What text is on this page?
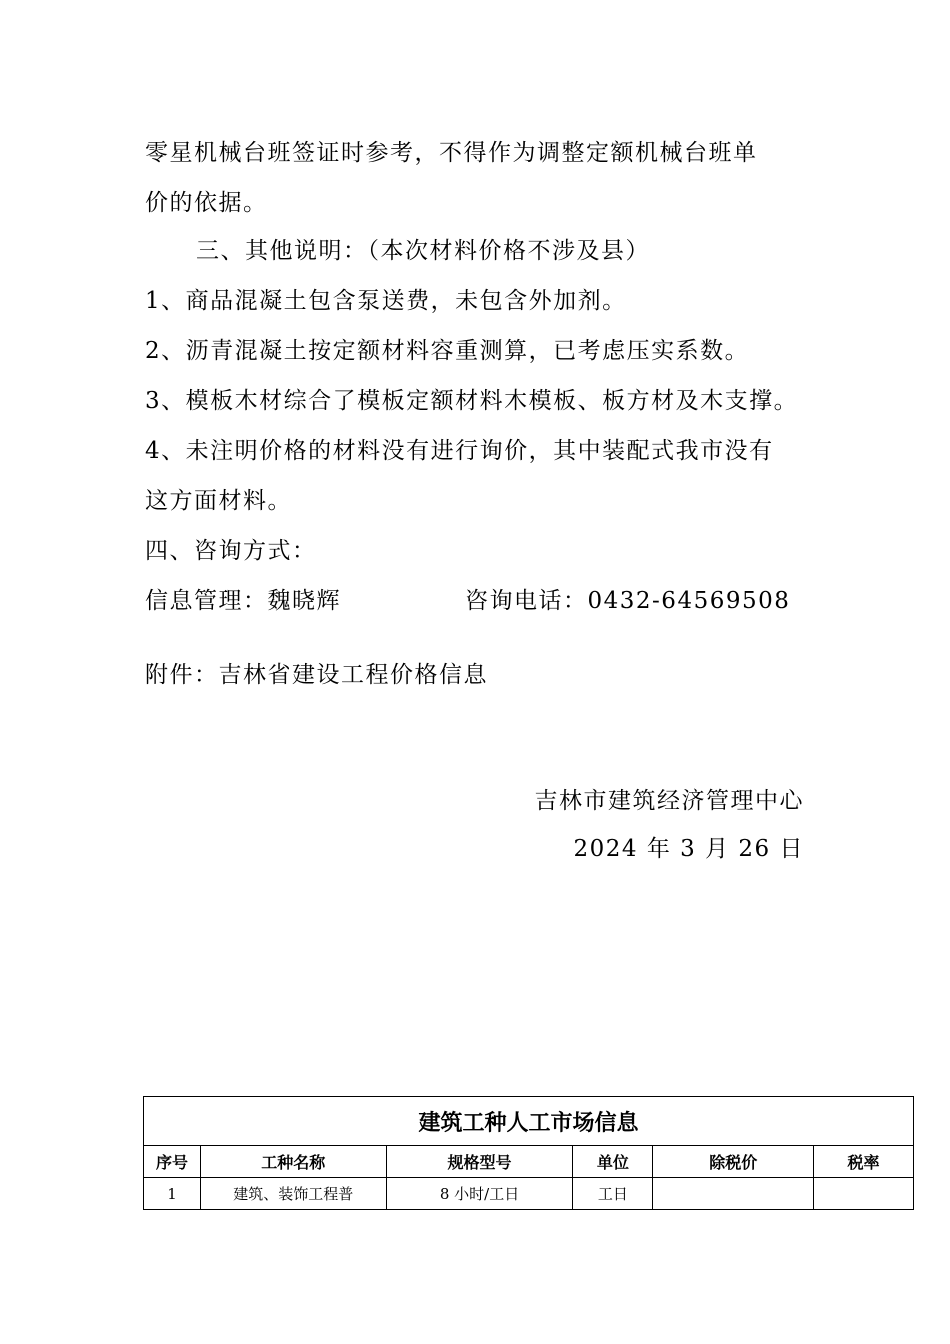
零星机械台班签证时参考，不得作为调整定额机械台班单
价的依据。
三、其他说明：（本次材料价格不涉及县）
1、商品混凝土包含泵送费，未包含外加剂。
2、沥青混凝土按定额材料容重测算，已考虑压实系数。
3、模板木材综合了模板定额材料木模板、板方材及木支撑。
4、未注明价格的材料没有进行询价，其中装配式我市没有
这方面材料。
四、咨询方式：
信息管理：魏晓辉	咨询电话：0432-64569508
附件：吉林省建设工程价格信息
吉林市建筑经济管理中心
2024 年 3 月 26 日
建筑工种人工市场信息					
序号	工种名称	规格型号	单位	除税价	税率
1	建筑、装饰工程普	8 小时/工日	工日		
